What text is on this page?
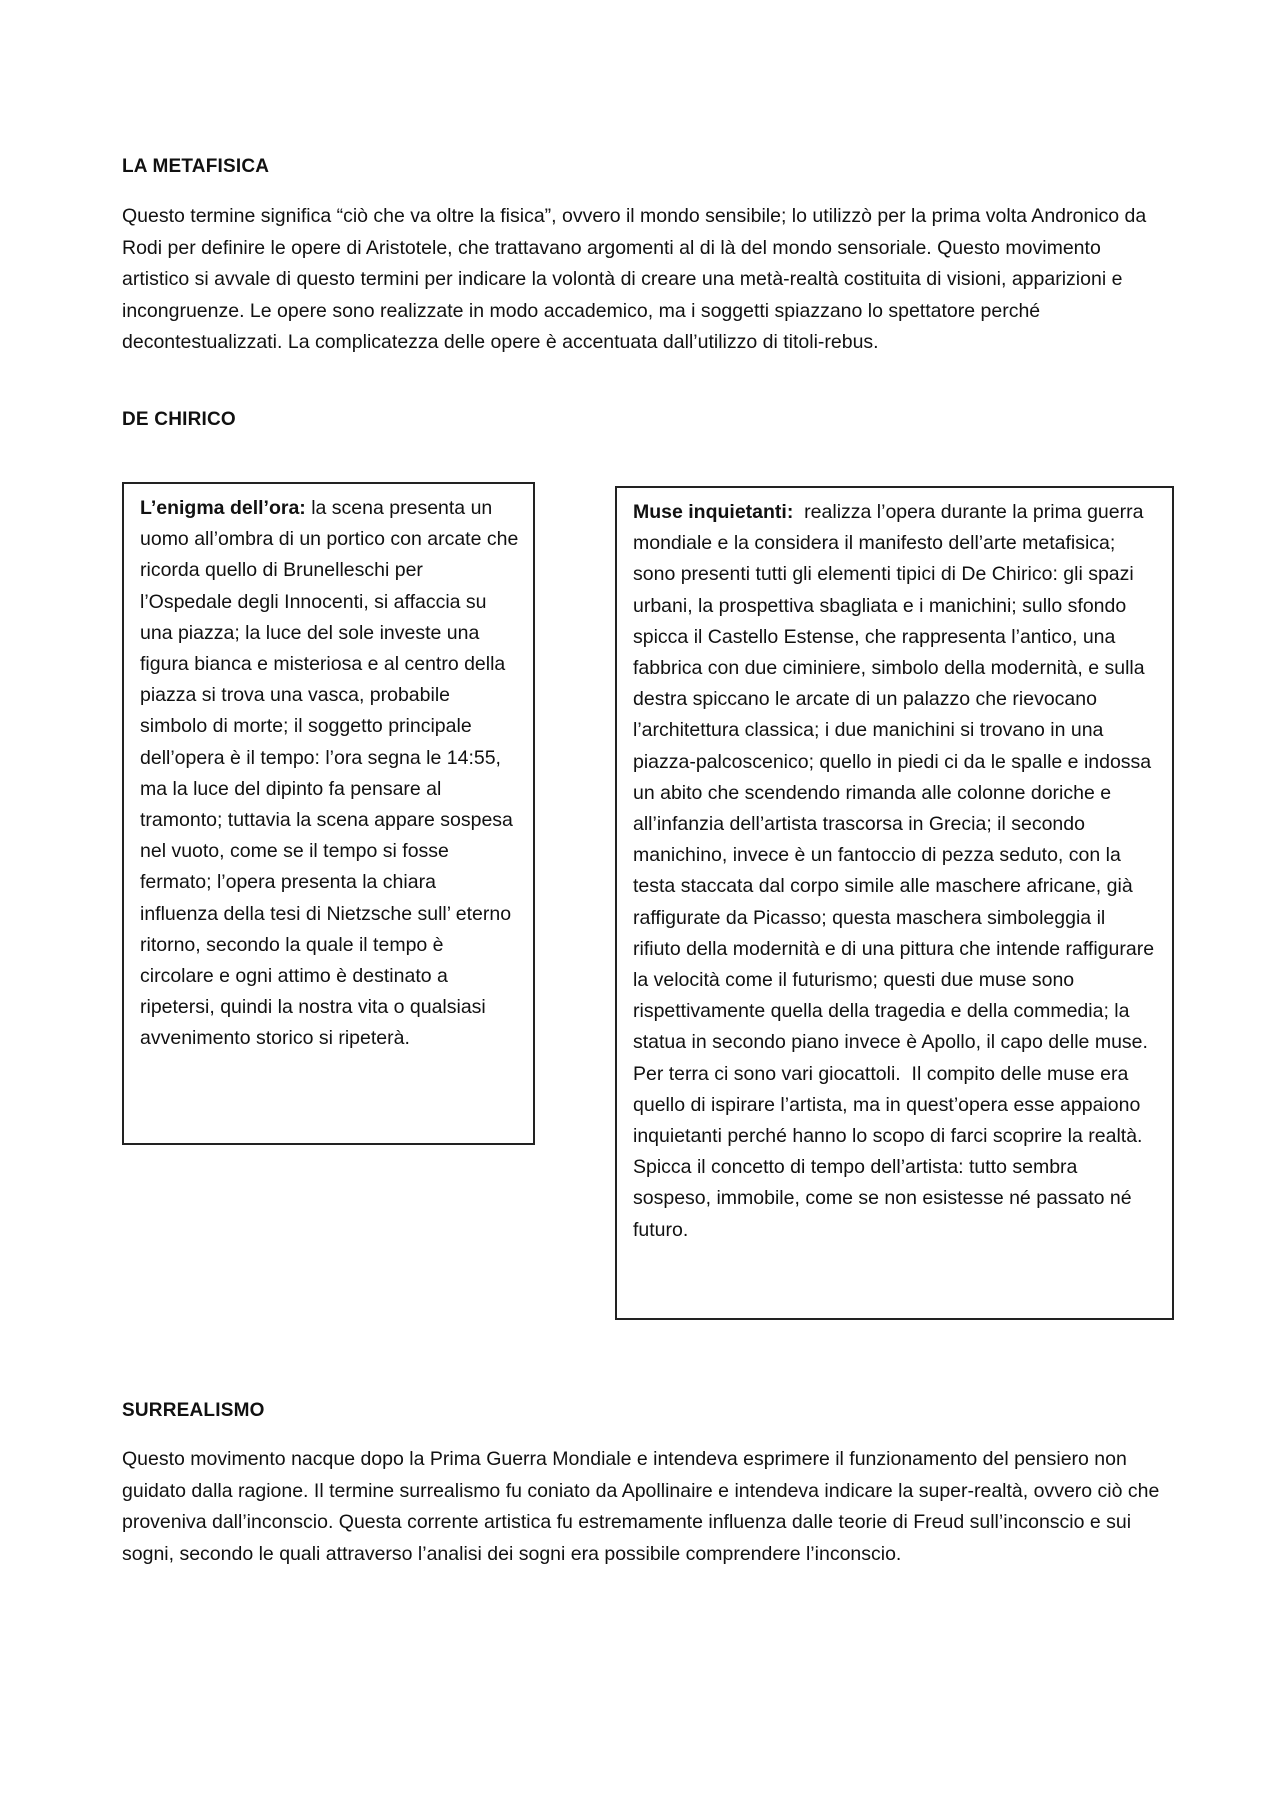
LA METAFISICA

Questo termine significa “ciò che va oltre la fisica”, ovvero il mondo sensibile; lo utilizzò per la prima volta Andronico da Rodi per definire le opere di Aristotele, che trattavano argomenti al di là del mondo sensoriale. Questo movimento artistico si avvale di questo termini per indicare la volontà di creare una metà-realtà costituita di visioni, apparizioni e incongruenze. Le opere sono realizzate in modo accademico, ma i soggetti spiazzano lo spettatore perché decontestualizzati. La complicatezza delle opere è accentuata dall’utilizzo di titoli-rebus.

DE CHIRICO

L’enigma dell’ora: la scena presenta un uomo all’ombra di un portico con arcate che ricorda quello di Brunelleschi per l’Ospedale degli Innocenti, si affaccia su una piazza; la luce del sole investe una figura bianca e misteriosa e al centro della piazza si trova una vasca, probabile simbolo di morte; il soggetto principale dell’opera è il tempo: l’ora segna le 14:55, ma la luce del dipinto fa pensare al tramonto; tuttavia la scena appare sospesa nel vuoto, come se il tempo si fosse fermato; l’opera presenta la chiara influenza della tesi di Nietzsche sull’ eterno ritorno, secondo la quale il tempo è circolare e ogni attimo è destinato a ripetersi, quindi la nostra vita o qualsiasi avvenimento storico si ripeterà.

Muse inquietanti:  realizza l’opera durante la prima guerra mondiale e la considera il manifesto dell’arte metafisica; sono presenti tutti gli elementi tipici di De Chirico: gli spazi urbani, la prospettiva sbagliata e i manichini; sullo sfondo spicca il Castello Estense, che rappresenta l’antico, una fabbrica con due ciminiere, simbolo della modernità, e sulla destra spiccano le arcate di un palazzo che rievocano l’architettura classica; i due manichini si trovano in una piazza-palcoscenico; quello in piedi ci da le spalle e indossa un abito che scendendo rimanda alle colonne doriche e all’infanzia dell’artista trascorsa in Grecia; il secondo manichino, invece è un fantoccio di pezza seduto, con la testa staccata dal corpo simile alle maschere africane, già raffigurate da Picasso; questa maschera simboleggia il rifiuto della modernità e di una pittura che intende raffigurare la velocità come il futurismo; questi due muse sono rispettivamente quella della tragedia e della commedia; la statua in secondo piano invece è Apollo, il capo delle muse. Per terra ci sono vari giocattoli.  Il compito delle muse era quello di ispirare l’artista, ma in quest’opera esse appaiono inquietanti perché hanno lo scopo di farci scoprire la realtà. Spicca il concetto di tempo dell’artista: tutto sembra sospeso, immobile, come se non esistesse né passato né futuro.

SURREALISMO

Questo movimento nacque dopo la Prima Guerra Mondiale e intendeva esprimere il funzionamento del pensiero non guidato dalla ragione. Il termine surrealismo fu coniato da Apollinaire e intendeva indicare la super-realtà, ovvero ciò che proveniva dall’inconscio. Questa corrente artistica fu estremamente influenza dalle teorie di Freud sull’inconscio e sui sogni, secondo le quali attraverso l’analisi dei sogni era possibile comprendere l’inconscio.
